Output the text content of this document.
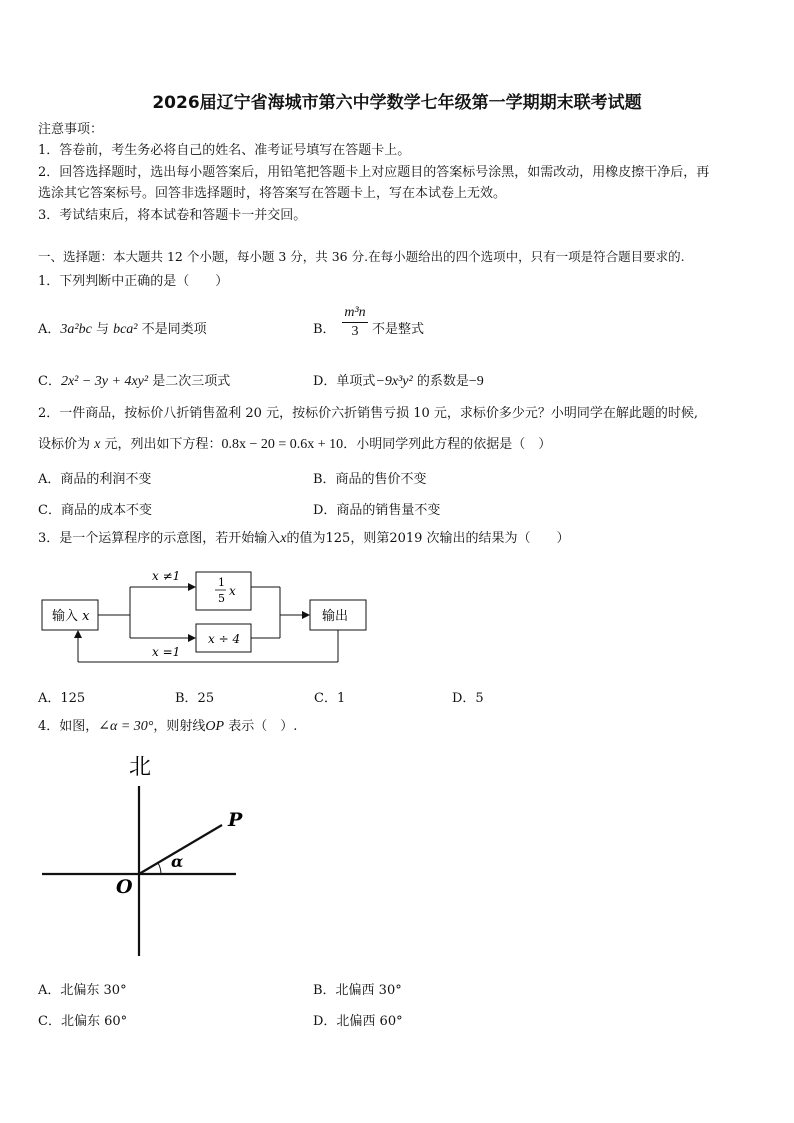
2026届辽宁省海城市第六中学数学七年级第一学期期末联考试题
注意事项：
1．答卷前，考生务必将自己的姓名、准考证号填写在答题卡上。
2．回答选择题时，选出每小题答案后，用铅笔把答题卡上对应题目的答案标号涂黑，如需改动，用橡皮擦干净后，再
选涂其它答案标号。回答非选择题时，将答案写在答题卡上，写在本试卷上无效。
3．考试结束后，将本试卷和答题卡一并交回。
一、选择题：本大题共 12 个小题，每小题 3 分，共 36 分.在每小题给出的四个选项中，只有一项是符合题目要求的.
1．下列判断中正确的是（　　）
A．3a²bc 与 bca² 不是同类项	B．
m³n
3	不是整式
C．2x² − 3y + 4xy² 是二次三项式	D．单项式−9x³y² 的系数是−9
2．一件商品，按标价八折销售盈利 20 元，按标价六折销售亏损 10 元，求标价多少元？小明同学在解此题的时候,
设标价为 x 元，列出如下方程：0.8x − 20 = 0.6x + 10．小明同学列此方程的依据是（　）
A．商品的利润不变	B．商品的售价不变
C．商品的成本不变	D．商品的销售量不变
3．是一个运算程序的示意图，若开始输入x的值为125，则第2019 次输出的结果为（　　）
输入 x	输出
1
5
x
x ÷ 4
x ≠1
x =1
A．125	B．25	C．1	D．5
4．如图，∠α = 30°，则射线OP 表示（　）.
北
P
O
α
A．北偏东 30°	B．北偏西 30°
C．北偏东 60°	D．北偏西 60°
